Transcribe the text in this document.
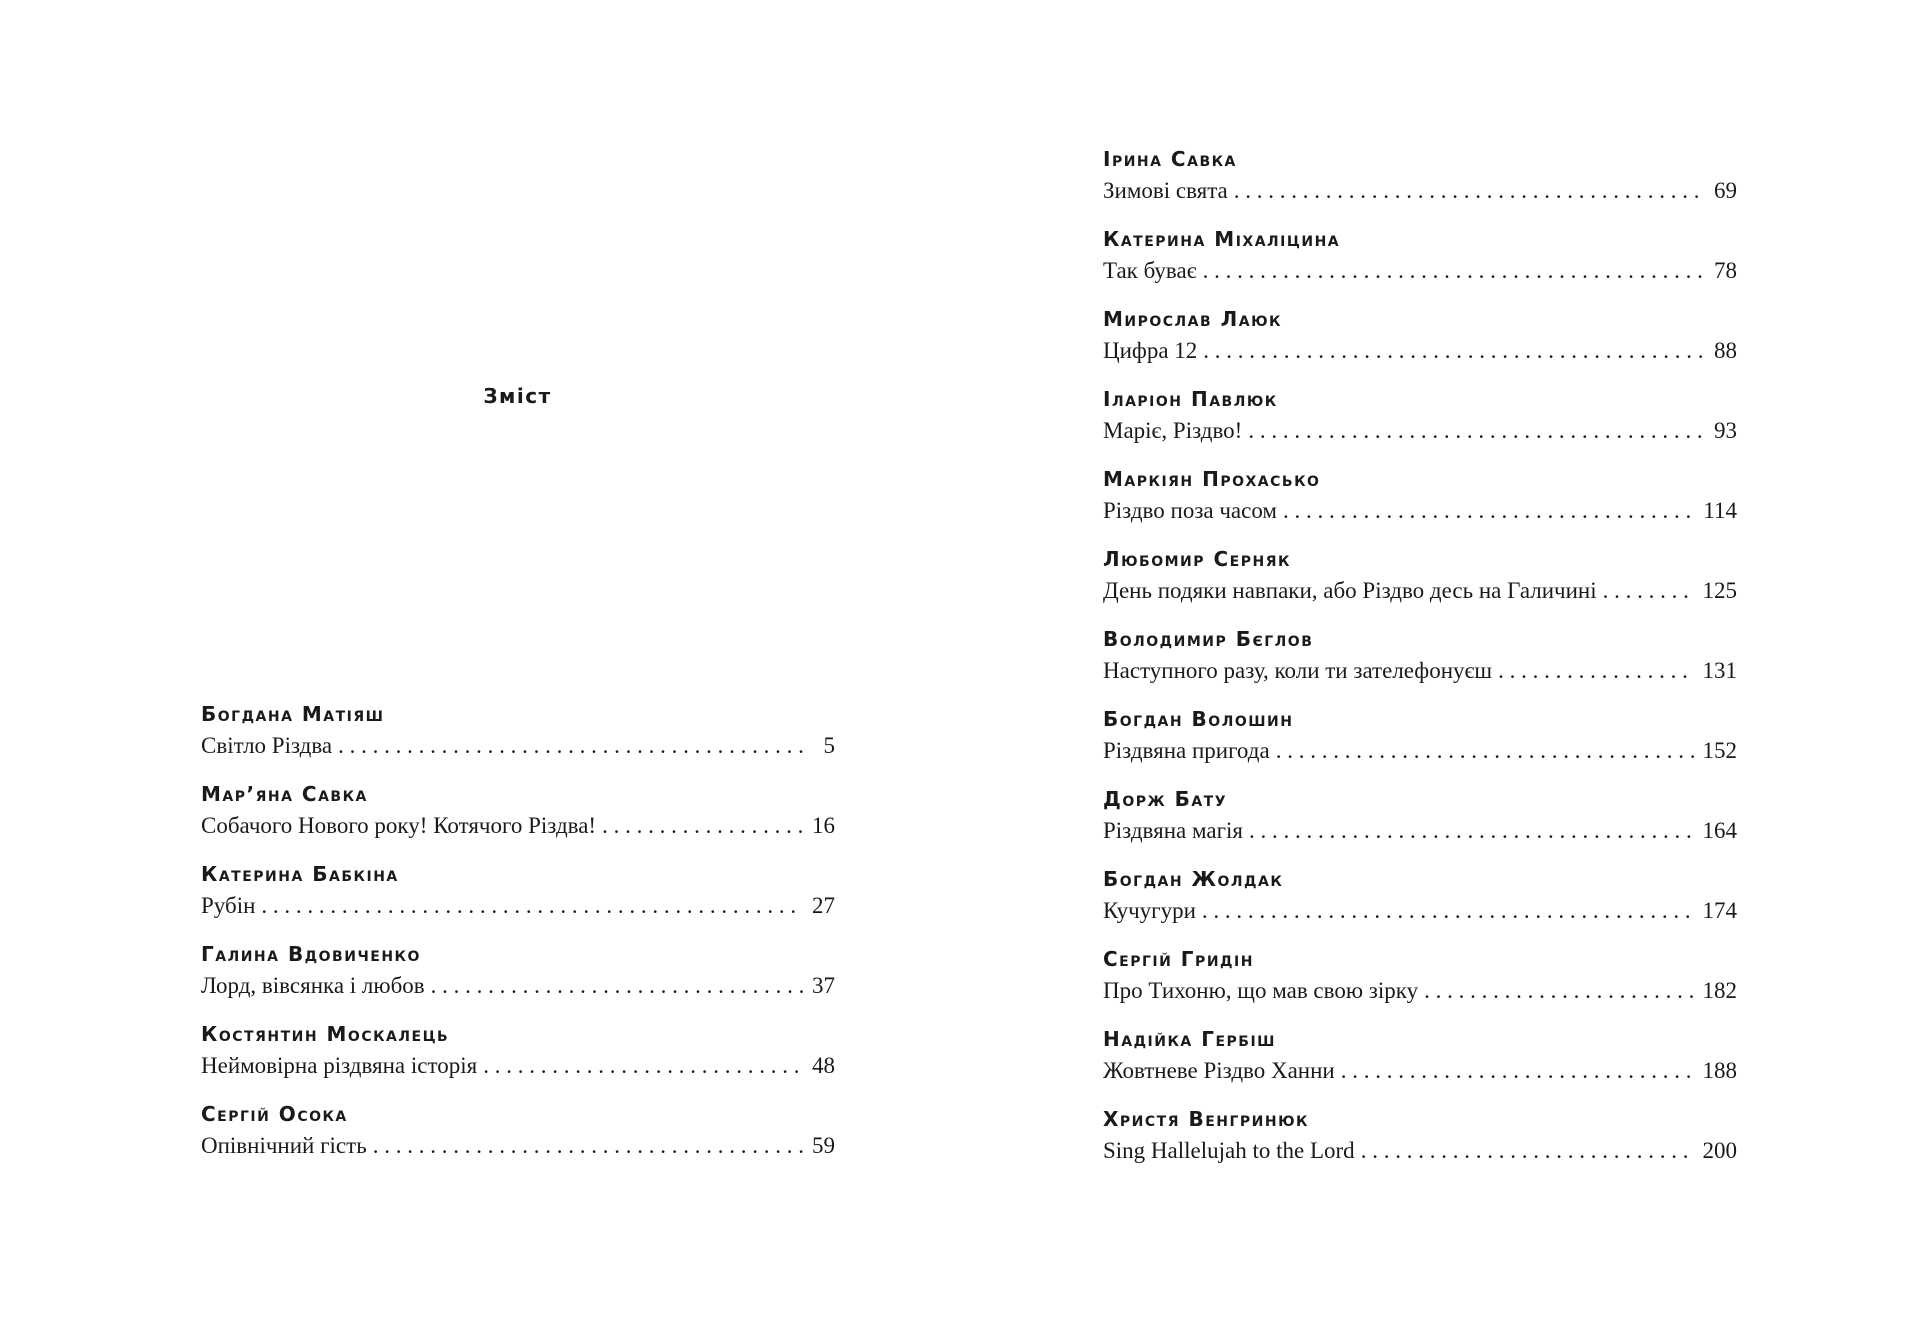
Зміст
Богдана Матіяш
Світло Різдва . . .	5
Мар’яна Савка
Собачого Нового року! Котячого Різдва! . . .	16
Катерина Бабкіна
Рубін . . .	27
Галина Вдовиченко
Лорд, вівсянка і любов . . .	37
Костянтин Москалець
Неймовірна різдвяна історія . . .	48
Сергій Осока
Опівнічний гість . . .	59
Ірина Савка
Зимові свята . . .	69
Катерина Міхаліцина
Так буває . . .	78
Мирослав Лаюк
Цифра 12 . . .	88
Іларіон Павлюк
Маріє, Різдво! . . .	93
Маркіян Прохасько
Різдво поза часом . . .	114
Любомир Серняк
День подяки навпаки, або Різдво десь на Галичині . . .	125
Володимир Бєглов
Наступного разу, коли ти зателефонуєш . . .	131
Богдан Волошин
Різдвяна пригода . . .	152
Дорж Бату
Різдвяна магія . . .	164
Богдан Жолдак
Кучугури . . .	174
Сергій Гридін
Про Тихоню, що мав свою зірку . . .	182
Надійка Гербіш
Жовтневе Різдво Ханни . . .	188
Христя Венгринюк
Sing Hallelujah to the Lord . . .	200
